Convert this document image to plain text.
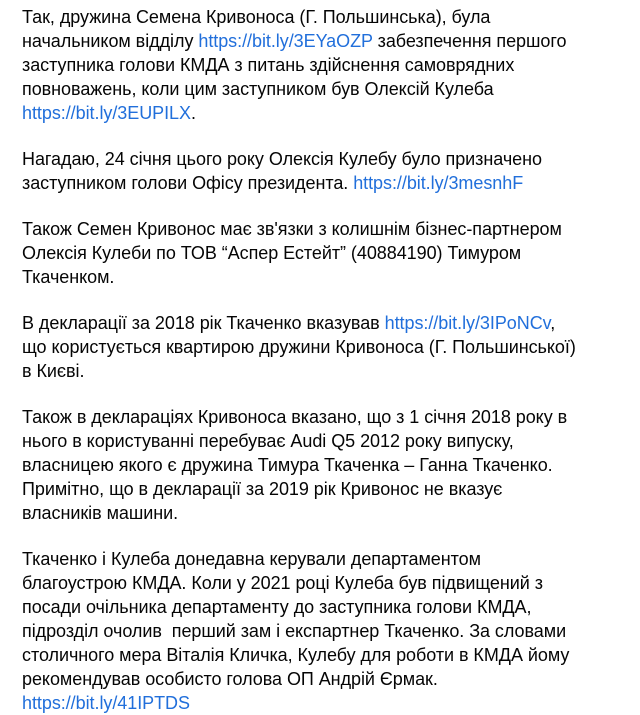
Так, дружина Семена Кривоноса (Г. Польшинська), була
начальником відділу https://bit.ly/3EYaOZP забезпечення першого
заступника голови КМДА з питань здійснення самоврядних
повноважень, коли цим заступником був Олексій Кулеба
https://bit.ly/3EUPILX.

Нагадаю, 24 січня цього року Олексія Кулебу було призначено
заступником голови Офісу президента. https://bit.ly/3mesnhF

Також Семен Кривонос має зв'язки з колишнім бізнес-партнером
Олексія Кулеби по ТОВ “Аспер Естейт” (40884190) Тимуром
Ткаченком.

В декларації за 2018 рік Ткаченко вказував https://bit.ly/3IPoNCv,
що користується квартирою дружини Кривоноса (Г. Польшинської)
в Києві.

Також в деклараціях Кривоноса вказано, що з 1 січня 2018 року в
нього в користуванні перебуває Audi Q5 2012 року випуску,
власницею якого є дружина Тимура Ткаченка – Ганна Ткаченко.
Примітно, що в декларації за 2019 рік Кривонос не вказує
власників машини.

Ткаченко і Кулеба донедавна керували департаментом
благоустрою КМДА. Коли у 2021 році Кулеба був підвищений з
посади очільника департаменту до заступника голови КМДА,
підрозділ очолив  перший зам і експартнер Ткаченко. За словами
столичного мера Віталія Кличка, Кулебу для роботи в КМДА йому
рекомендував особисто голова ОП Андрій Єрмак.
https://bit.ly/41IPTDS
